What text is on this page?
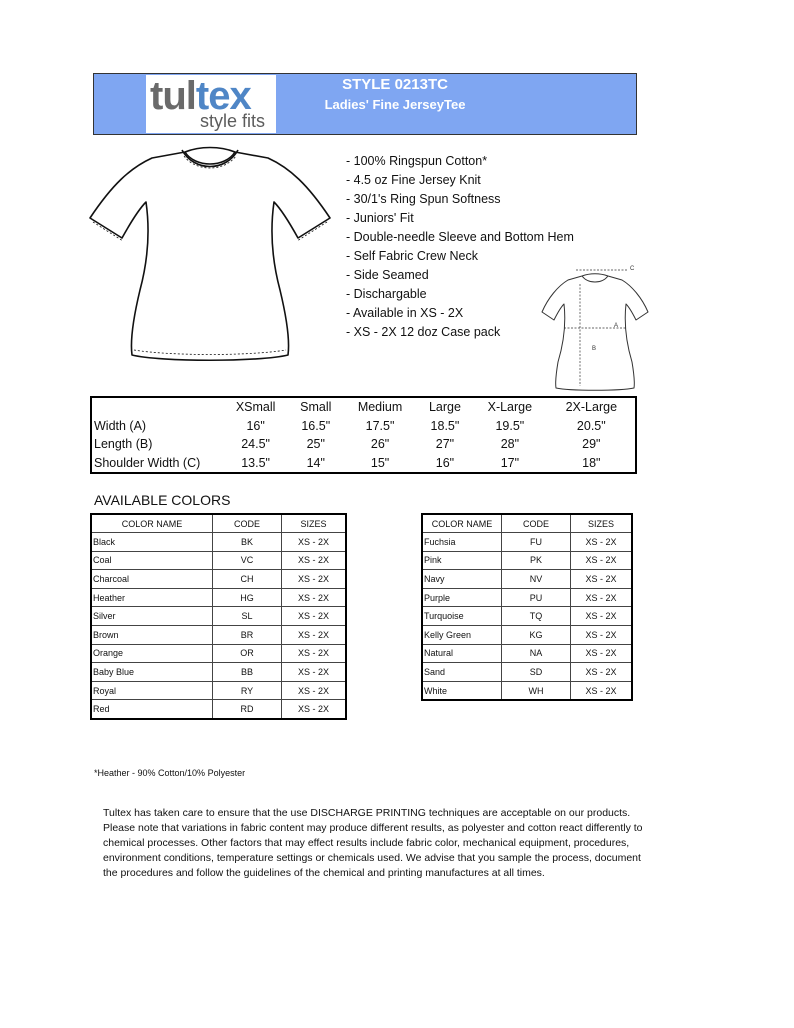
tultex
style fits
STYLE 0213TC
Ladies' Fine JerseyTee
- 100% Ringspun Cotton*
- 4.5 oz Fine Jersey Knit
- 30/1's Ring Spun Softness
- Juniors' Fit
- Double-needle Sleeve and Bottom Hem
- Self Fabric Crew Neck
- Side Seamed
- Dischargable
- Available in XS - 2X
- XS - 2X 12 doz Case pack
C
A
B
	XSmall	Small	Medium	Large	X-Large	2X-Large
Width (A)	16"	16.5"	17.5"	18.5"	19.5"	20.5"
Length (B)	24.5"	25"	26"	27"	28"	29"
Shoulder Width (C)	13.5"	14"	15"	16"	17"	18"
AVAILABLE COLORS
COLOR NAME	CODE	SIZES
Black	BK	XS - 2X
Coal	VC	XS - 2X
Charcoal	CH	XS - 2X
Heather	HG	XS - 2X
Silver	SL	XS - 2X
Brown	BR	XS - 2X
Orange	OR	XS - 2X
Baby Blue	BB	XS - 2X
Royal	RY	XS - 2X
Red	RD	XS - 2X
COLOR NAME	CODE	SIZES
Fuchsia	FU	XS - 2X
Pink	PK	XS - 2X
Navy	NV	XS - 2X
Purple	PU	XS - 2X
Turquoise	TQ	XS - 2X
Kelly Green	KG	XS - 2X
Natural	NA	XS - 2X
Sand	SD	XS - 2X
White	WH	XS - 2X
*Heather - 90% Cotton/10% Polyester
Tultex has taken care to ensure that the use DISCHARGE PRINTING techniques are acceptable on our products. Please note that variations in fabric content may produce different results, as polyester and cotton react differently to chemical processes. Other factors that may effect results include fabric color, mechanical equipment, procedures, environment conditions, temperature settings or chemicals used. We advise that you sample the process, document the procedures and follow the guidelines of the chemical and printing manufactures at all times.
